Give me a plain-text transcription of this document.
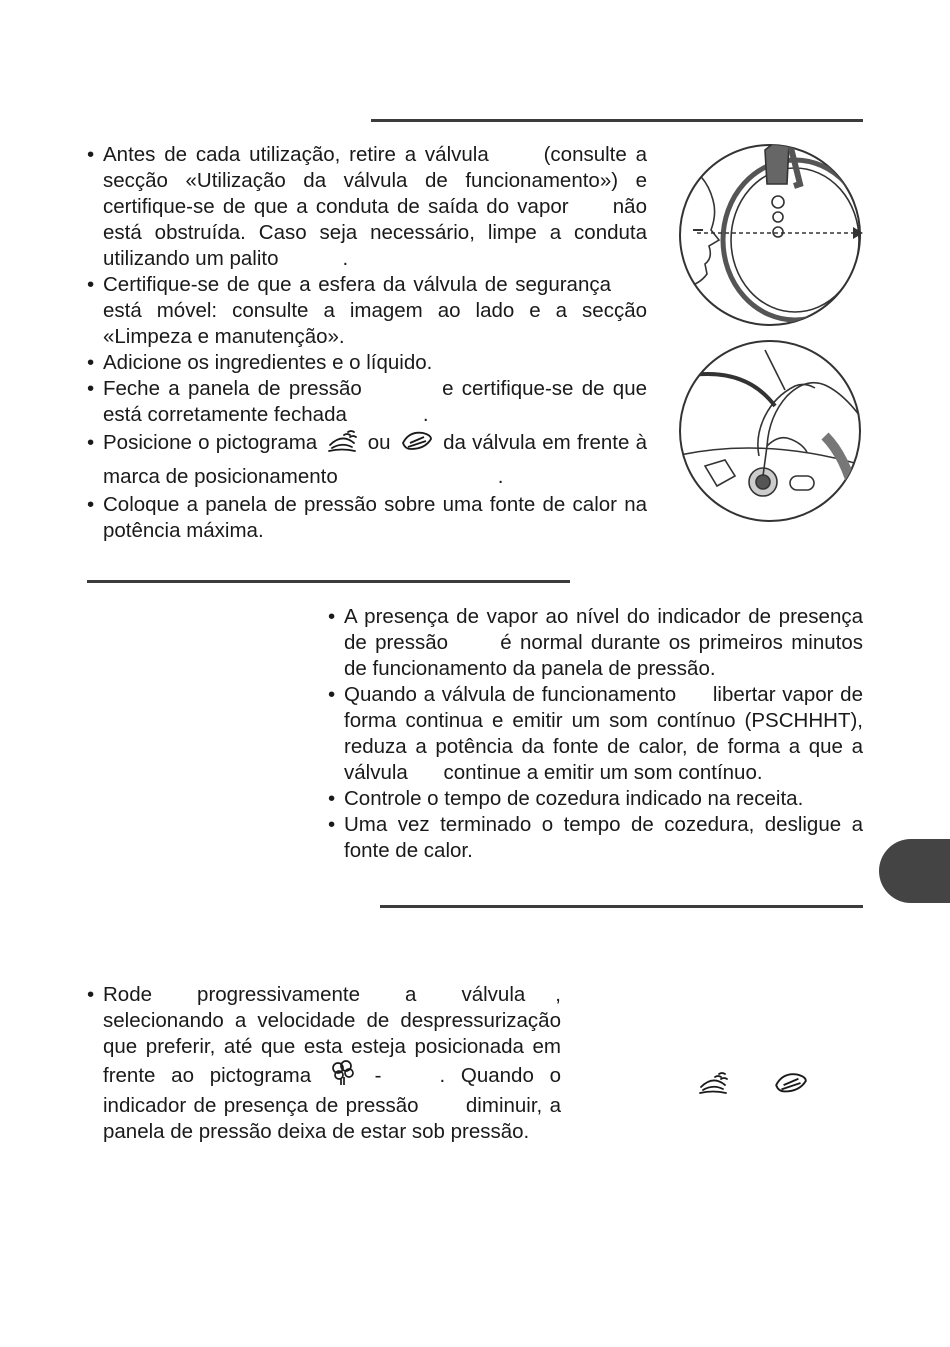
• Antes de cada utilização, retire a válvula	(consulte a secção «Utilização da válvula de funcionamento») e certifique-se de que a conduta de saída do vapor não está obstruída. Caso seja necessário, limpe a conduta utilizando um palito	.
• Certifique-se de que a esfera da válvula de segurança está móvel: consulte a imagem ao lado e a secção «Limpeza e manutenção».
• Adicione os ingredientes e o líquido.
• Feche a panela de pressão	e certifique-se de que está corretamente fechada	.
• Posicione o pictograma ou	da válvula em frente à marca de posicionamento	.
• Coloque a panela de pressão sobre uma fonte de calor na potência máxima.
• A presença de vapor ao nível do indicador de presença de pressão	é normal durante os primeiros minutos de funcionamento da panela de pressão.
• Quando a válvula de funcionamento libertar vapor de forma continua e emitir um som contínuo (PSCHHHT), reduza a potência da fonte de calor, de forma a que a válvula continue a emitir um som contínuo.
• Controle o tempo de cozedura indicado na receita.
• Uma vez terminado o tempo de cozedura, desligue a fonte de calor.
• Rode progressivamente a válvula , selecionando a velocidade de despressurização que preferir, até que esta esteja posicionada em frente ao pictograma	-	. Quando o indicador de presença de pressão diminuir, a panela de pressão deixa de estar sob pressão.
